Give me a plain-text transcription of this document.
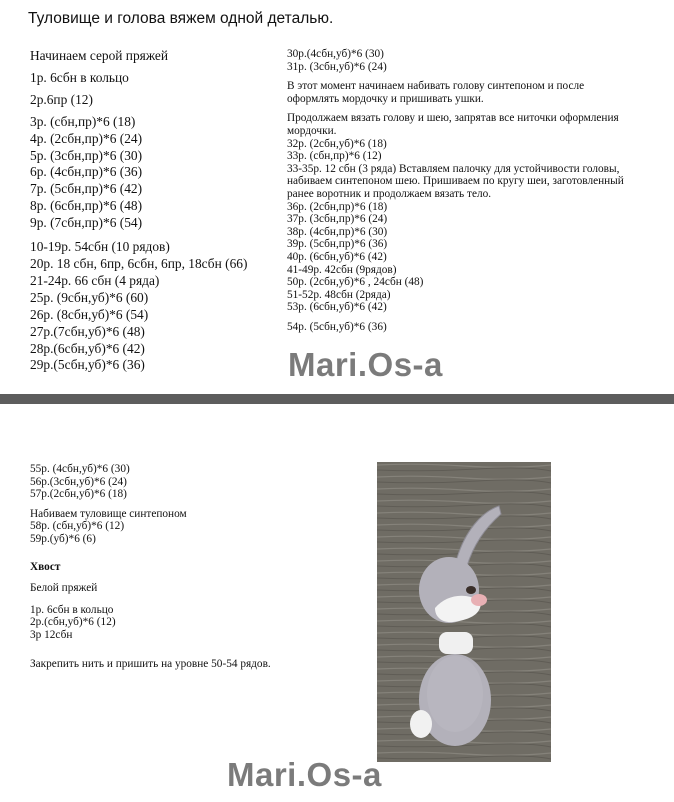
Туловище и голова вяжем одной деталью.
Начинаем серой пряжей
1р. 6сбн в кольцо
2р.6пр (12)
3р. (сбн,пр)*6 (18)
4р. (2сбн,пр)*6 (24)
5р. (3сбн,пр)*6 (30)
6р. (4сбн,пр)*6 (36)
7р. (5сбн,пр)*6 (42)
8р. (6сбн,пр)*6 (48)
9р. (7сбн,пр)*6 (54)
10-19р. 54сбн (10 рядов)
20р. 18 сбн, 6пр, 6сбн, 6пр, 18сбн (66)
21-24р. 66 сбн (4 ряда)
25р. (9сбн,уб)*6 (60)
26р. (8сбн,уб)*6 (54)
27р.(7сбн,уб)*6 (48)
28р.(6сбн,уб)*6 (42)
29р.(5сбн,уб)*6 (36)
30р.(4сбн,уб)*6 (30)
31р. (3сбн,уб)*6 (24)
В этот момент начинаем набивать голову синтепоном и после оформлять мордочку и пришивать ушки.
Продолжаем вязать голову и шею, запрятав все ниточки оформления мордочки.
32р. (2сбн,уб)*6 (18)
33р. (сбн,пр)*6 (12)
33-35р. 12 сбн (3 ряда) Вставляем палочку для устойчивости головы, набиваем синтепоном шею. Пришиваем по кругу шеи, заготовленный ранее воротник и продолжаем вязать тело.
36р. (2сбн,пр)*6 (18)
37р. (3сбн,пр)*6 (24)
38р. (4сбн,пр)*6 (30)
39р. (5сбн,пр)*6 (36)
40р. (6сбн,уб)*6 (42)
41-49р. 42сбн (9рядов)
50р. (2сбн,уб)*6 , 24сбн (48)
51-52р. 48сбн (2ряда)
53р. (6сбн,уб)*6 (42)
54р. (5сбн,уб)*6 (36)
Mari.Os-a
55р. (4сбн,уб)*6 (30)
56р.(3сбн,уб)*6 (24)
57р.(2сбн,уб)*6 (18)
Набиваем туловище синтепоном
58р. (сбн,уб)*6 (12)
59р.(уб)*6 (6)
Хвост
Белой пряжей
1р. 6сбн в кольцо
2р.(сбн,уб)*6 (12)
3р 12сбн
Закрепить нить и пришить на уровне 50-54 рядов.
Mari.Os-a
